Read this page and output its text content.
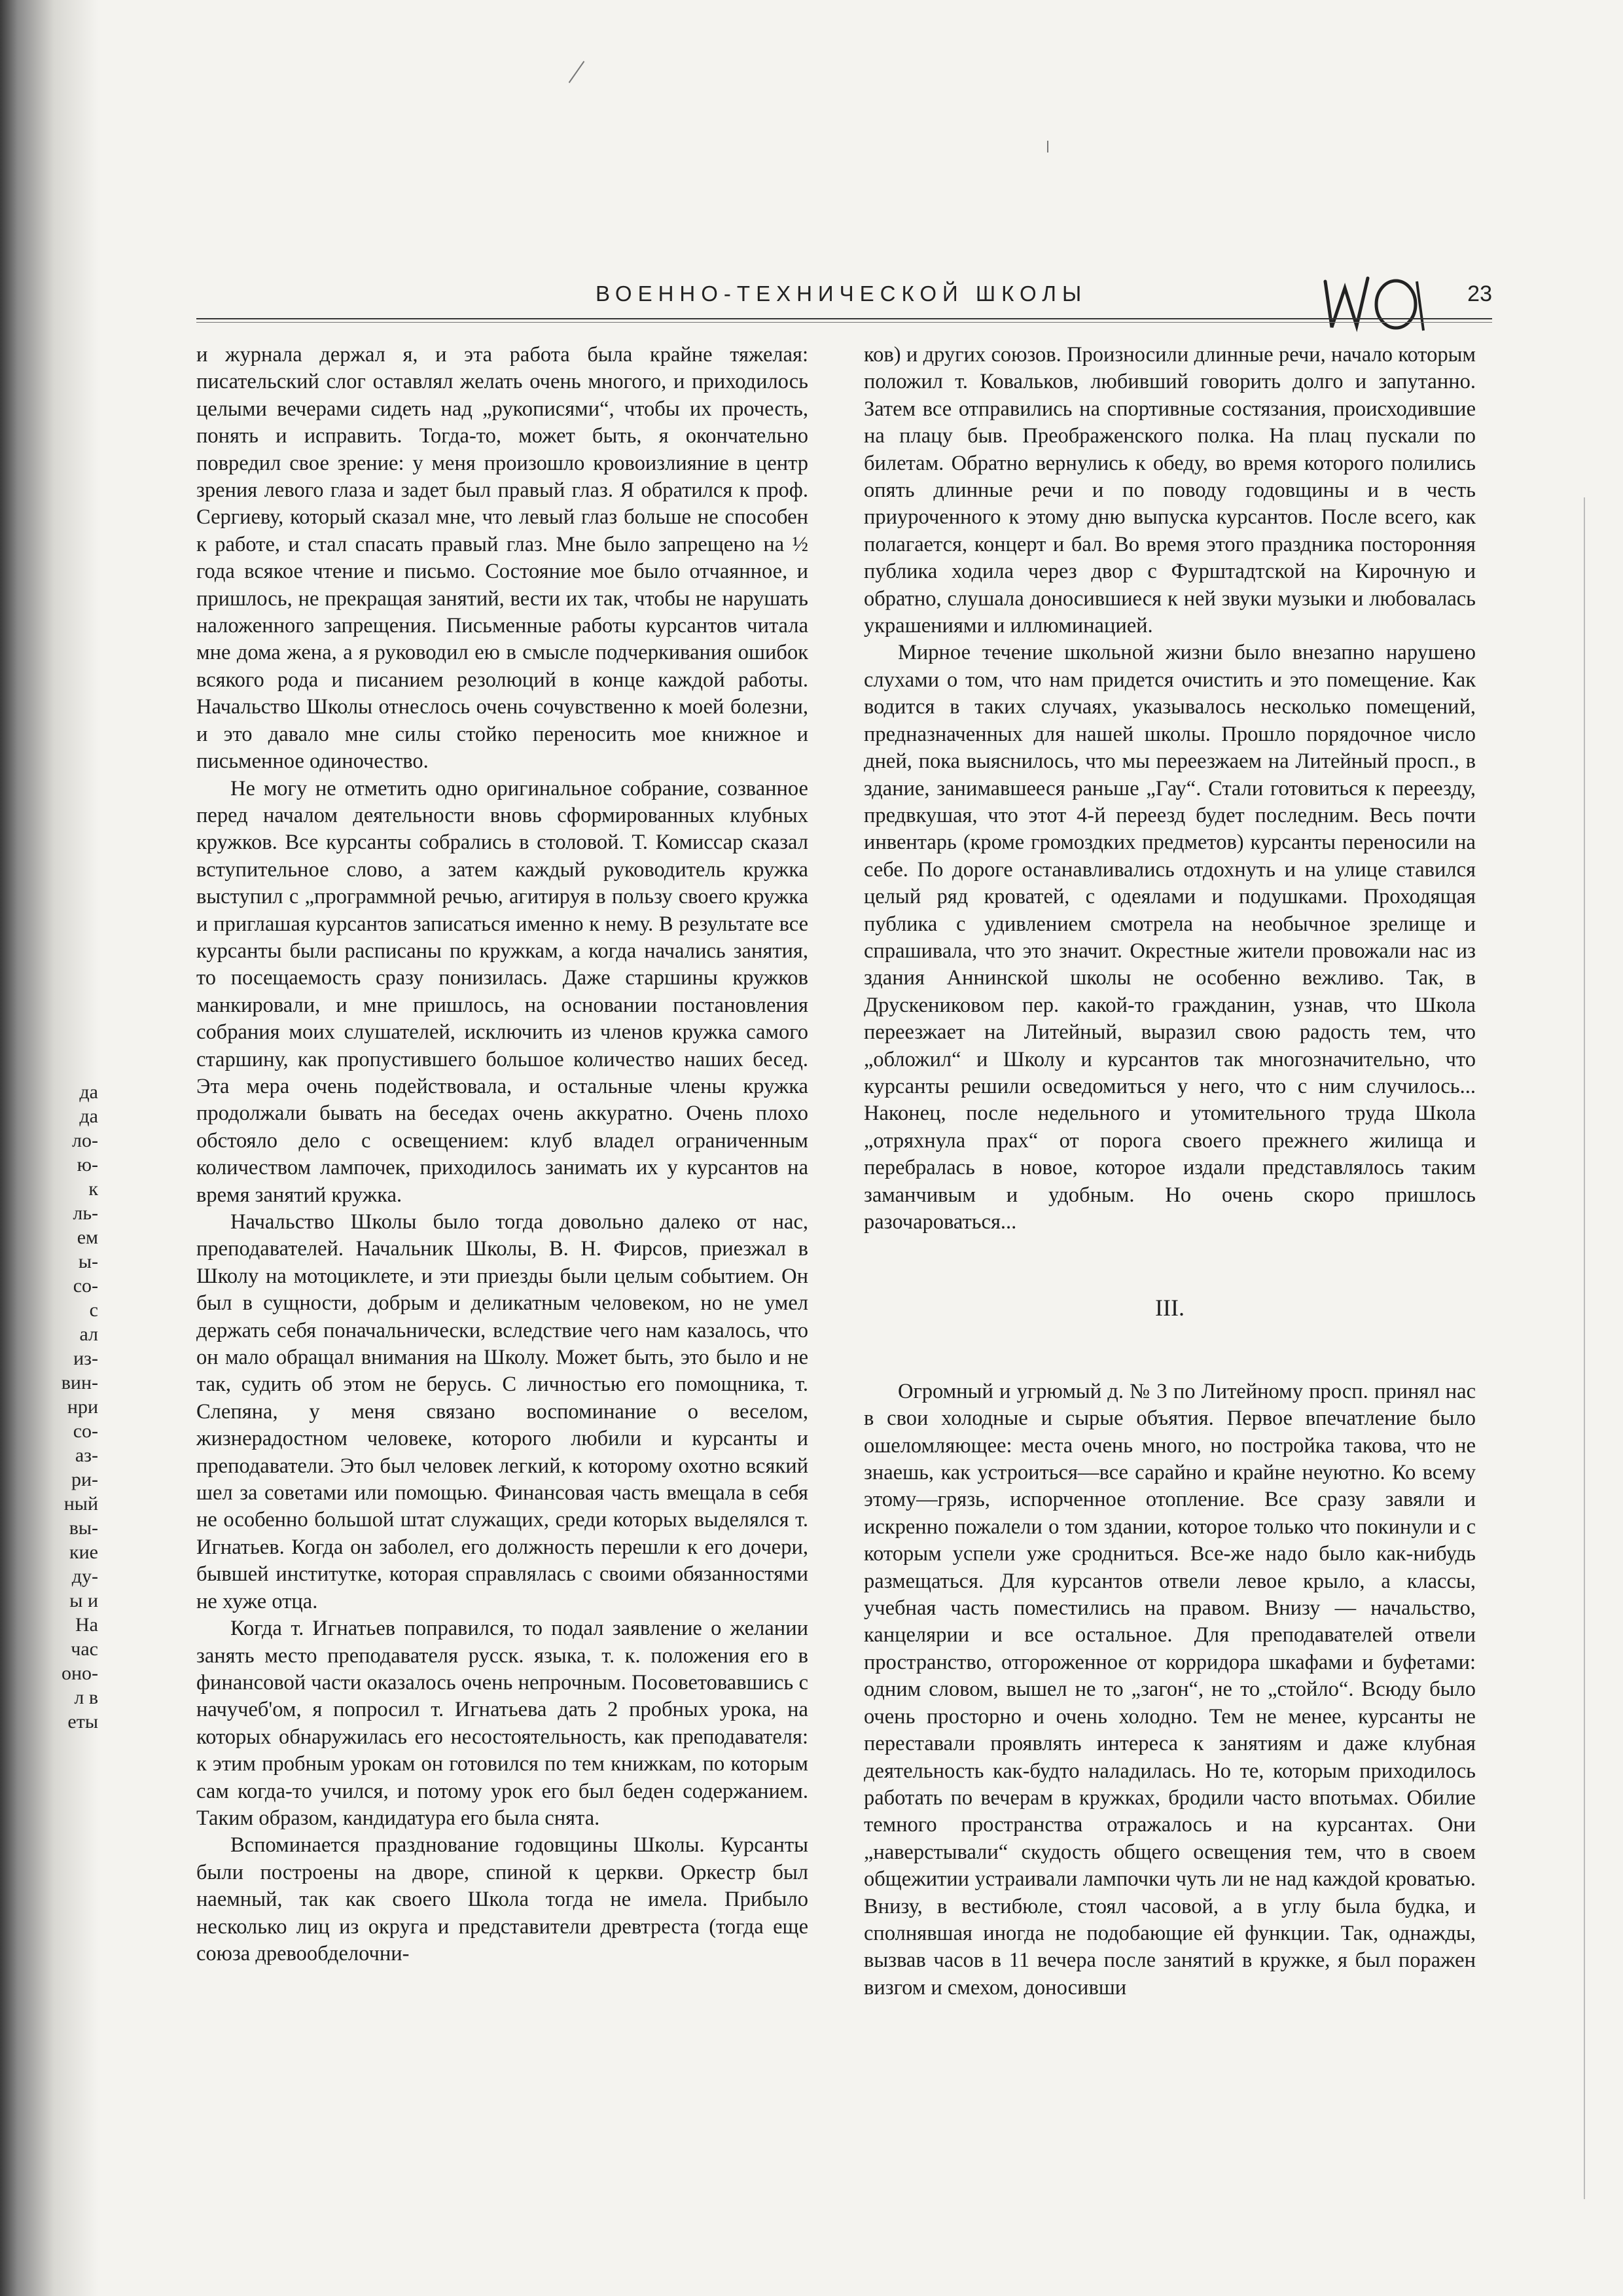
да
да
ло-
ю-
к
ль-
ем
ы-
со-
с
ал
из-
вин-
нри
со-
аз-
ри-
ный
вы-
кие
ду-
ы и
На
час
оно-
л в
еты
ВОЕННО-ТЕХНИЧЕСКОЙ ШКОЛЫ	23

и журнала держал я, и эта работа была крайне тяжелая: писательский слог оставлял желать очень многого, и приходилось целыми вечерами сидеть над „рукописями“, чтобы их прочесть, понять и исправить. Тогда-то, может быть, я окончательно повредил свое зрение: у меня произошло кровоизлияние в центр зрения левого глаза и задет был правый глаз. Я обратился к проф. Сергиеву, который сказал мне, что левый глаз больше не способен к работе, и стал спасать правый глаз. Мне было запрещено на ½ года всякое чтение и письмо. Состояние мое было отчаянное, и пришлось, не прекращая занятий, вести их так, чтобы не нарушать наложенного запрещения. Письменные работы курсантов читала мне дома жена, а я руководил ею в смысле подчеркивания ошибок всякого рода и писанием резолюций в конце каждой работы. Начальство Школы отнеслось очень сочувственно к моей болезни, и это давало мне силы стойко переносить мое книжное и письменное одиночество.

Не могу не отметить одно оригинальное собрание, созванное перед началом деятельности вновь сформированных клубных кружков. Все курсанты собрались в столовой. Т. Комиссар сказал вступительное слово, а затем каждый руководитель кружка выступил с „программной речью, агитируя в пользу своего кружка и приглашая курсантов записаться именно к нему. В результате все курсанты были расписаны по кружкам, а когда начались занятия, то посещаемость сразу понизилась. Даже старшины кружков манкировали, и мне пришлось, на основании постановления собрания моих слушателей, исключить из членов кружка самого старшину, как пропустившего большое количество наших бесед. Эта мера очень подействовала, и остальные члены кружка продолжали бывать на беседах очень аккуратно. Очень плохо обстояло дело с освещением: клуб владел ограниченным количеством лампочек, приходилось занимать их у курсантов на время занятий кружка.

Начальство Школы было тогда довольно далеко от нас, преподавателей. Начальник Школы, В. Н. Фирсов, приезжал в Школу на мотоциклете, и эти приезды были целым событием. Он был в сущности, добрым и деликатным человеком, но не умел держать себя поначальнически, вследствие чего нам казалось, что он мало обращал внимания на Школу. Может быть, это было и не так, судить об этом не берусь. С личностью его помощника, т. Слепяна, у меня связано воспоминание о веселом, жизнерадостном человеке, которого любили и курсанты и преподаватели. Это был человек легкий, к которому охотно всякий шел за советами или помощью. Финансовая часть вмещала в себя не особенно большой штат служащих, среди которых выделялся т. Игнатьев. Когда он заболел, его должность перешли к его дочери, бывшей институтке, которая справлялась с своими обязанностями не хуже отца.

Когда т. Игнатьев поправился, то подал заявление о желании занять место преподавателя русск. языка, т. к. положения его в финансовой части оказалось очень непрочным. Посоветовавшись с начучеб'ом, я попросил т. Игнатьева дать 2 пробных урока, на которых обнаружилась его несостоятельность, как преподавателя: к этим пробным урокам он готовился по тем книжкам, по которым сам когда-то учился, и потому урок его был беден содержанием. Таким образом, кандидатура его была снята.

Вспоминается празднование годовщины Школы. Курсанты были построены на дворе, спиной к церкви. Оркестр был наемный, так как своего Школа тогда не имела. Прибыло несколько лиц из округа и представители древтреста (тогда еще союза древообделочни-

ков) и других союзов. Произносили длинные речи, начало которым положил т. Ковальков, любивший говорить долго и запутанно. Затем все отправились на спортивные состязания, происходившие на плацу быв. Преображенского полка. На плац пускали по билетам. Обратно вернулись к обеду, во время которого полились опять длинные речи и по поводу годовщины и в честь приуроченного к этому дню выпуска курсантов. После всего, как полагается, концерт и бал. Во время этого праздника посторонняя публика ходила через двор с Фурштадтской на Кирочную и обратно, слушала доносившиеся к ней звуки музыки и любовалась украшениями и иллюминацией.

Мирное течение школьной жизни было внезапно нарушено слухами о том, что нам придется очистить и это помещение. Как водится в таких случаях, указывалось несколько помещений, предназначенных для нашей школы. Прошло порядочное число дней, пока выяснилось, что мы переезжаем на Литейный просп., в здание, занимавшееся раньше „Гау“. Стали готовиться к переезду, предвкушая, что этот 4-й переезд будет последним. Весь почти инвентарь (кроме громоздких предметов) курсанты переносили на себе. По дороге останавливались отдохнуть и на улице ставился целый ряд кроватей, с одеялами и подушками. Проходящая публика с удивлением смотрела на необычное зрелище и спрашивала, что это значит. Окрестные жители провожали нас из здания Аннинской школы не особенно вежливо. Так, в Друскениковом пер. какой-то гражданин, узнав, что Школа переезжает на Литейный, выразил свою радость тем, что „обложил“ и Школу и курсантов так многозначительно, что курсанты решили осведомиться у него, что с ним случилось... Наконец, после недельного и утомительного труда Школа „отряхнула прах“ от порога своего прежнего жилища и перебралась в новое, которое издали представлялось таким заманчивым и удобным. Но очень скоро пришлось разочароваться...

III.

Огромный и угрюмый д. № 3 по Литейному просп. принял нас в свои холодные и сырые объятия. Первое впечатление было ошеломляющее: места очень много, но постройка такова, что не знаешь, как устроиться—все сарайно и крайне неуютно. Ко всему этому—грязь, испорченное отопление. Все сразу завяли и искренно пожалели о том здании, которое только что покинули и с которым успели уже сродниться. Все-же надо было как-нибудь размещаться. Для курсантов отвели левое крыло, а классы, учебная часть поместились на правом. Внизу — начальство, канцелярии и все остальное. Для преподавателей отвели пространство, отгороженное от корридора шкафами и буфетами: одним словом, вышел не то „загон“, не то „стойло“. Всюду было очень просторно и очень холодно. Тем не менее, курсанты не переставали проявлять интереса к занятиям и даже клубная деятельность как-будто наладилась. Но те, которым приходилось работать по вечерам в кружках, бродили часто впотьмах. Обилие темного пространства отражалось и на курсантах. Они „наверстывали“ скудость общего освещения тем, что в своем общежитии устраивали лампочки чуть ли не над каждой кроватью. Внизу, в вестибюле, стоял часовой, а в углу была будка, и сполнявшая иногда не подобающие ей функции. Так, однажды, вызвав часов в 11 вечера после занятий в кружке, я был поражен визгом и смехом, доносивши
